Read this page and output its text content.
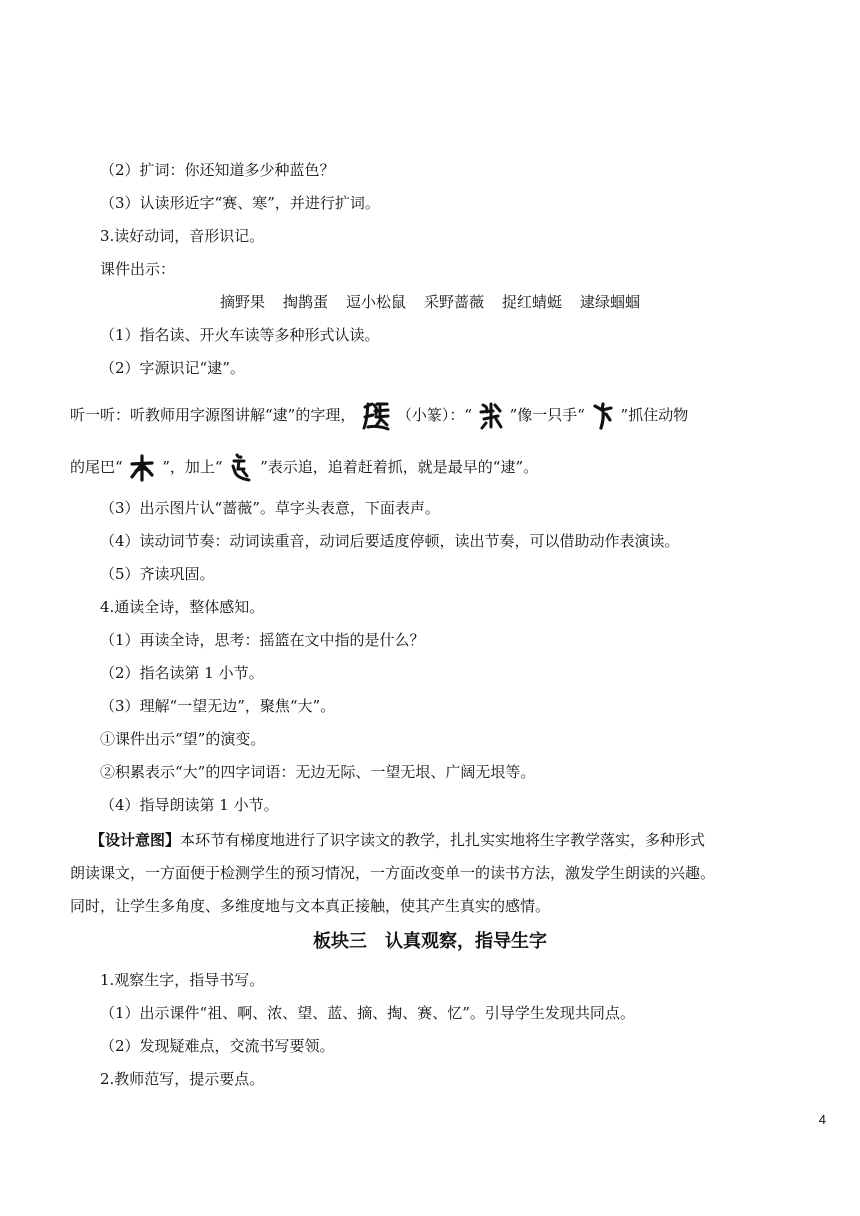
（2）扩词：你还知道多少种蓝色？
（3）认读形近字“赛、寒”，并进行扩词。
3.读好动词，音形识记。
课件出示：
摘野果 掏鹊蛋 逗小松鼠 采野蔷薇 捉红蜻蜓 逮绿蝈蝈
（1）指名读、开火车读等多种形式认读。
（2）字源识记“逮”。
听一听：听教师用字源图讲解“逮”的字理，	（小篆）：“	”像一只手“ ”抓住动物
的尾巴“	”，加上“	”表示追，追着赶着抓，就是最早的“逮”。
（3）出示图片认“蔷薇”。草字头表意，下面表声。
（4）读动词节奏：动词读重音，动词后要适度停顿，读出节奏，可以借助动作表演读。
（5）齐读巩固。
4.通读全诗，整体感知。
（1）再读全诗，思考：摇篮在文中指的是什么？
（2）指名读第 1 小节。
（3）理解“一望无边”，聚焦“大”。
①课件出示“望”的演变。
②积累表示“大”的四字词语：无边无际、一望无垠、广阔无垠等。
（4）指导朗读第 1 小节。
【设计意图】本环节有梯度地进行了识字读文的教学，扎扎实实地将生字教学落实，多种形式
朗读课文，一方面便于检测学生的预习情况，一方面改变单一的读书方法，激发学生朗读的兴趣。
同时，让学生多角度、多维度地与文本真正接触，使其产生真实的感情。
板块三　认真观察，指导生字
1.观察生字，指导书写。
（1）出示课件“祖、啊、浓、望、蓝、摘、掏、赛、忆”。引导学生发现共同点。
（2）发现疑难点，交流书写要领。
2.教师范写，提示要点。
4
